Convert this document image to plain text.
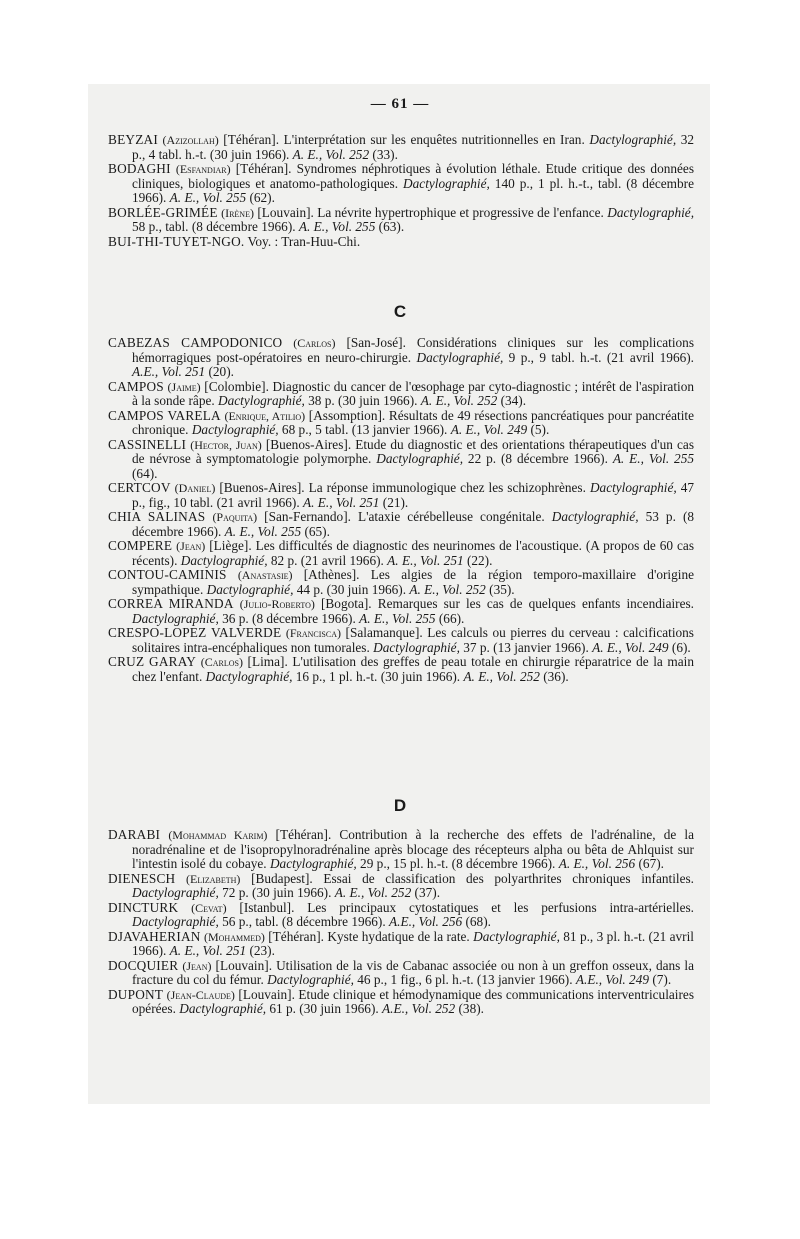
— 61 —

BEYZAI (Azizollah) [Téhéran]. L'interprétation sur les enquêtes nutritionnelles en Iran. Dactylographié, 32 p., 4 tabl. h.-t. (30 juin 1966). A. E., Vol. 252 (33).

BODAGHI (Esfandiar) [Téhéran]. Syndromes néphrotiques à évolution léthale. Etude critique des données cliniques, biologiques et anatomo-pathologiques. Dactylographié, 140 p., 1 pl. h.-t., tabl. (8 décembre 1966). A. E., Vol. 255 (62).

BORLÉE-GRIMÉE (Irène) [Louvain]. La névrite hypertrophique et progressive de l'enfance. Dactylographié, 58 p., tabl. (8 décembre 1966). A. E., Vol. 255 (63).

BUI-THI-TUYET-NGO. Voy. : Tran-Huu-Chi.

C

CABEZAS CAMPODONICO (Carlos) [San-José]. Considérations cliniques sur les complications hémorragiques post-opératoires en neuro-chirurgie. Dactylographié, 9 p., 9 tabl. h.-t. (21 avril 1966). A.E., Vol. 251 (20).

CAMPOS (Jaime) [Colombie]. Diagnostic du cancer de l'œsophage par cyto-diagnostic ; intérêt de l'aspiration à la sonde râpe. Dactylographié, 38 p. (30 juin 1966). A. E., Vol. 252 (34).

CAMPOS VARELA (Enrique, Atilio) [Assomption]. Résultats de 49 résections pancréatiques pour pancréatite chronique. Dactylographié, 68 p., 5 tabl. (13 janvier 1966). A. E., Vol. 249 (5).

CASSINELLI (Hector, Juan) [Buenos-Aires]. Etude du diagnostic et des orientations thérapeutiques d'un cas de névrose à symptomatologie polymorphe. Dactylographié, 22 p. (8 décembre 1966). A. E., Vol. 255 (64).

CERTCOV (Daniel) [Buenos-Aires]. La réponse immunologique chez les schizophrènes. Dactylographié, 47 p., fig., 10 tabl. (21 avril 1966). A. E., Vol. 251 (21).

CHIA SALINAS (Paquita) [San-Fernando]. L'ataxie cérébelleuse congénitale. Dactylographié, 53 p. (8 décembre 1966). A. E., Vol. 255 (65).

COMPERE (Jean) [Liège]. Les difficultés de diagnostic des neurinomes de l'acoustique. (A propos de 60 cas récents). Dactylographié, 82 p. (21 avril 1966). A. E., Vol. 251 (22).

CONTOU-CAMINIS (Anastasie) [Athènes]. Les algies de la région temporo-maxillaire d'origine sympathique. Dactylographié, 44 p. (30 juin 1966). A. E., Vol. 252 (35).

CORREA MIRANDA (Julio-Roberto) [Bogota]. Remarques sur les cas de quelques enfants incendiaires. Dactylographié, 36 p. (8 décembre 1966). A. E., Vol. 255 (66).

CRESPO-LOPEZ VALVERDE (Francisca) [Salamanque]. Les calculs ou pierres du cerveau : calcifications solitaires intra-encéphaliques non tumorales. Dactylographié, 37 p. (13 janvier 1966). A. E., Vol. 249 (6).

CRUZ GARAY (Carlos) [Lima]. L'utilisation des greffes de peau totale en chirurgie réparatrice de la main chez l'enfant. Dactylographié, 16 p., 1 pl. h.-t. (30 juin 1966). A. E., Vol. 252 (36).

D

DARABI (Mohammad Karim) [Téhéran]. Contribution à la recherche des effets de l'adrénaline, de la noradrénaline et de l'isopropylnoradrénaline après blocage des récepteurs alpha ou bêta de Ahlquist sur l'intestin isolé du cobaye. Dactylographié, 29 p., 15 pl. h.-t. (8 décembre 1966). A. E., Vol. 256 (67).

DIENESCH (Elizabeth) [Budapest]. Essai de classification des polyarthrites chroniques infantiles. Dactylographié, 72 p. (30 juin 1966). A. E., Vol. 252 (37).

DINCTURK (Cevat) [Istanbul]. Les principaux cytostatiques et les perfusions intra-artérielles. Dactylographié, 56 p., tabl. (8 décembre 1966). A.E., Vol. 256 (68).

DJAVAHERIAN (Mohammed) [Téhéran]. Kyste hydatique de la rate. Dactylographié, 81 p., 3 pl. h.-t. (21 avril 1966). A. E., Vol. 251 (23).

DOCQUIER (Jean) [Louvain]. Utilisation de la vis de Cabanac associée ou non à un greffon osseux, dans la fracture du col du fémur. Dactylographié, 46 p., 1 fig., 6 pl. h.-t. (13 janvier 1966). A.E., Vol. 249 (7).

DUPONT (Jean-Claude) [Louvain]. Etude clinique et hémodynamique des communications interventriculaires opérées. Dactylographié, 61 p. (30 juin 1966). A.E., Vol. 252 (38).
